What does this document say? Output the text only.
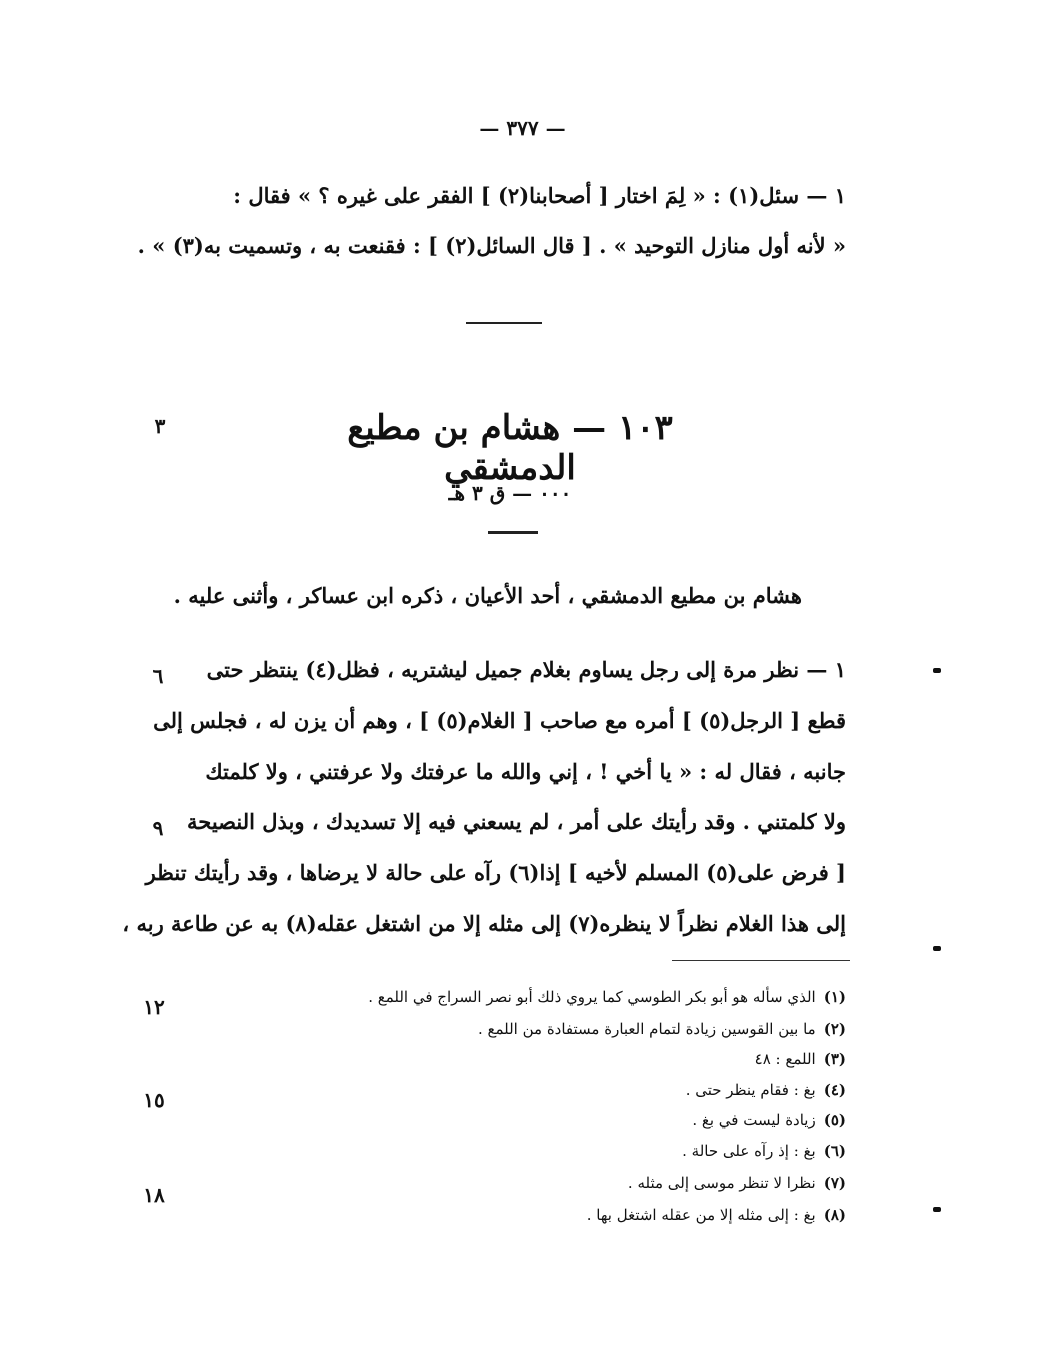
— ٣٧٧ —
١ — سئل(١) : « لِمَ اختار [ أصحابنا(٢) ] الفقر على غيره ؟ » فقال :
« لأنه أول منازل التوحيد » . [ قال السائل(٢) ] : فقنعت به ، وتسميت به(٣) » .
١٠٣ — هشام بن مطيع الدمشقي
٠٠٠ — ق ٣ هـ
هشام بن مطيع الدمشقي ، أحد الأعيان ، ذكره ابن عساكر ، وأثنى عليه .
١ — نظر مرة إلى رجل يساوم بغلام جميل ليشتريه ، فظل(٤) ينتظر حتى
قطع [ الرجل(٥) ] أمره مع صاحب [ الغلام(٥) ] ، وهم أن يزن له ، فجلس إلى
جانبه ، فقال له : « يا أخي ! ، إني والله ما عرفتك ولا عرفتني ، ولا كلمتك
ولا كلمتني . وقد رأيتك على أمر ، لم يسعني فيه إلا تسديدك ، وبذل النصيحة
[ فرض على(٥) المسلم لأخيه ] إذا(٦) رآه على حالة لا يرضاها ، وقد رأيتك تنظر
إلى هذا الغلام نظراً لا ينظره(٧) إلى مثله إلا من اشتغل عقله(٨) به عن طاعة ربه ،
٣
٦
٩
١٢
١٥
١٨
(١)الذي سأله هو أبو بكر الطوسي كما يروي ذلك أبو نصر السراج في اللمع .
(٢)ما بين القوسين زيادة لتمام العبارة مستفادة من اللمع .
(٣)اللمع : ٤٨
(٤)بغ : فقام ينظر حتى .
(٥)زيادة ليست في بغ .
(٦)بغ : إذ رآه على حالة .
(٧)نظرا لا تنظر موسى إلى مثله .
(٨)بغ : إلى مثله إلا من عقله اشتغل بها .
